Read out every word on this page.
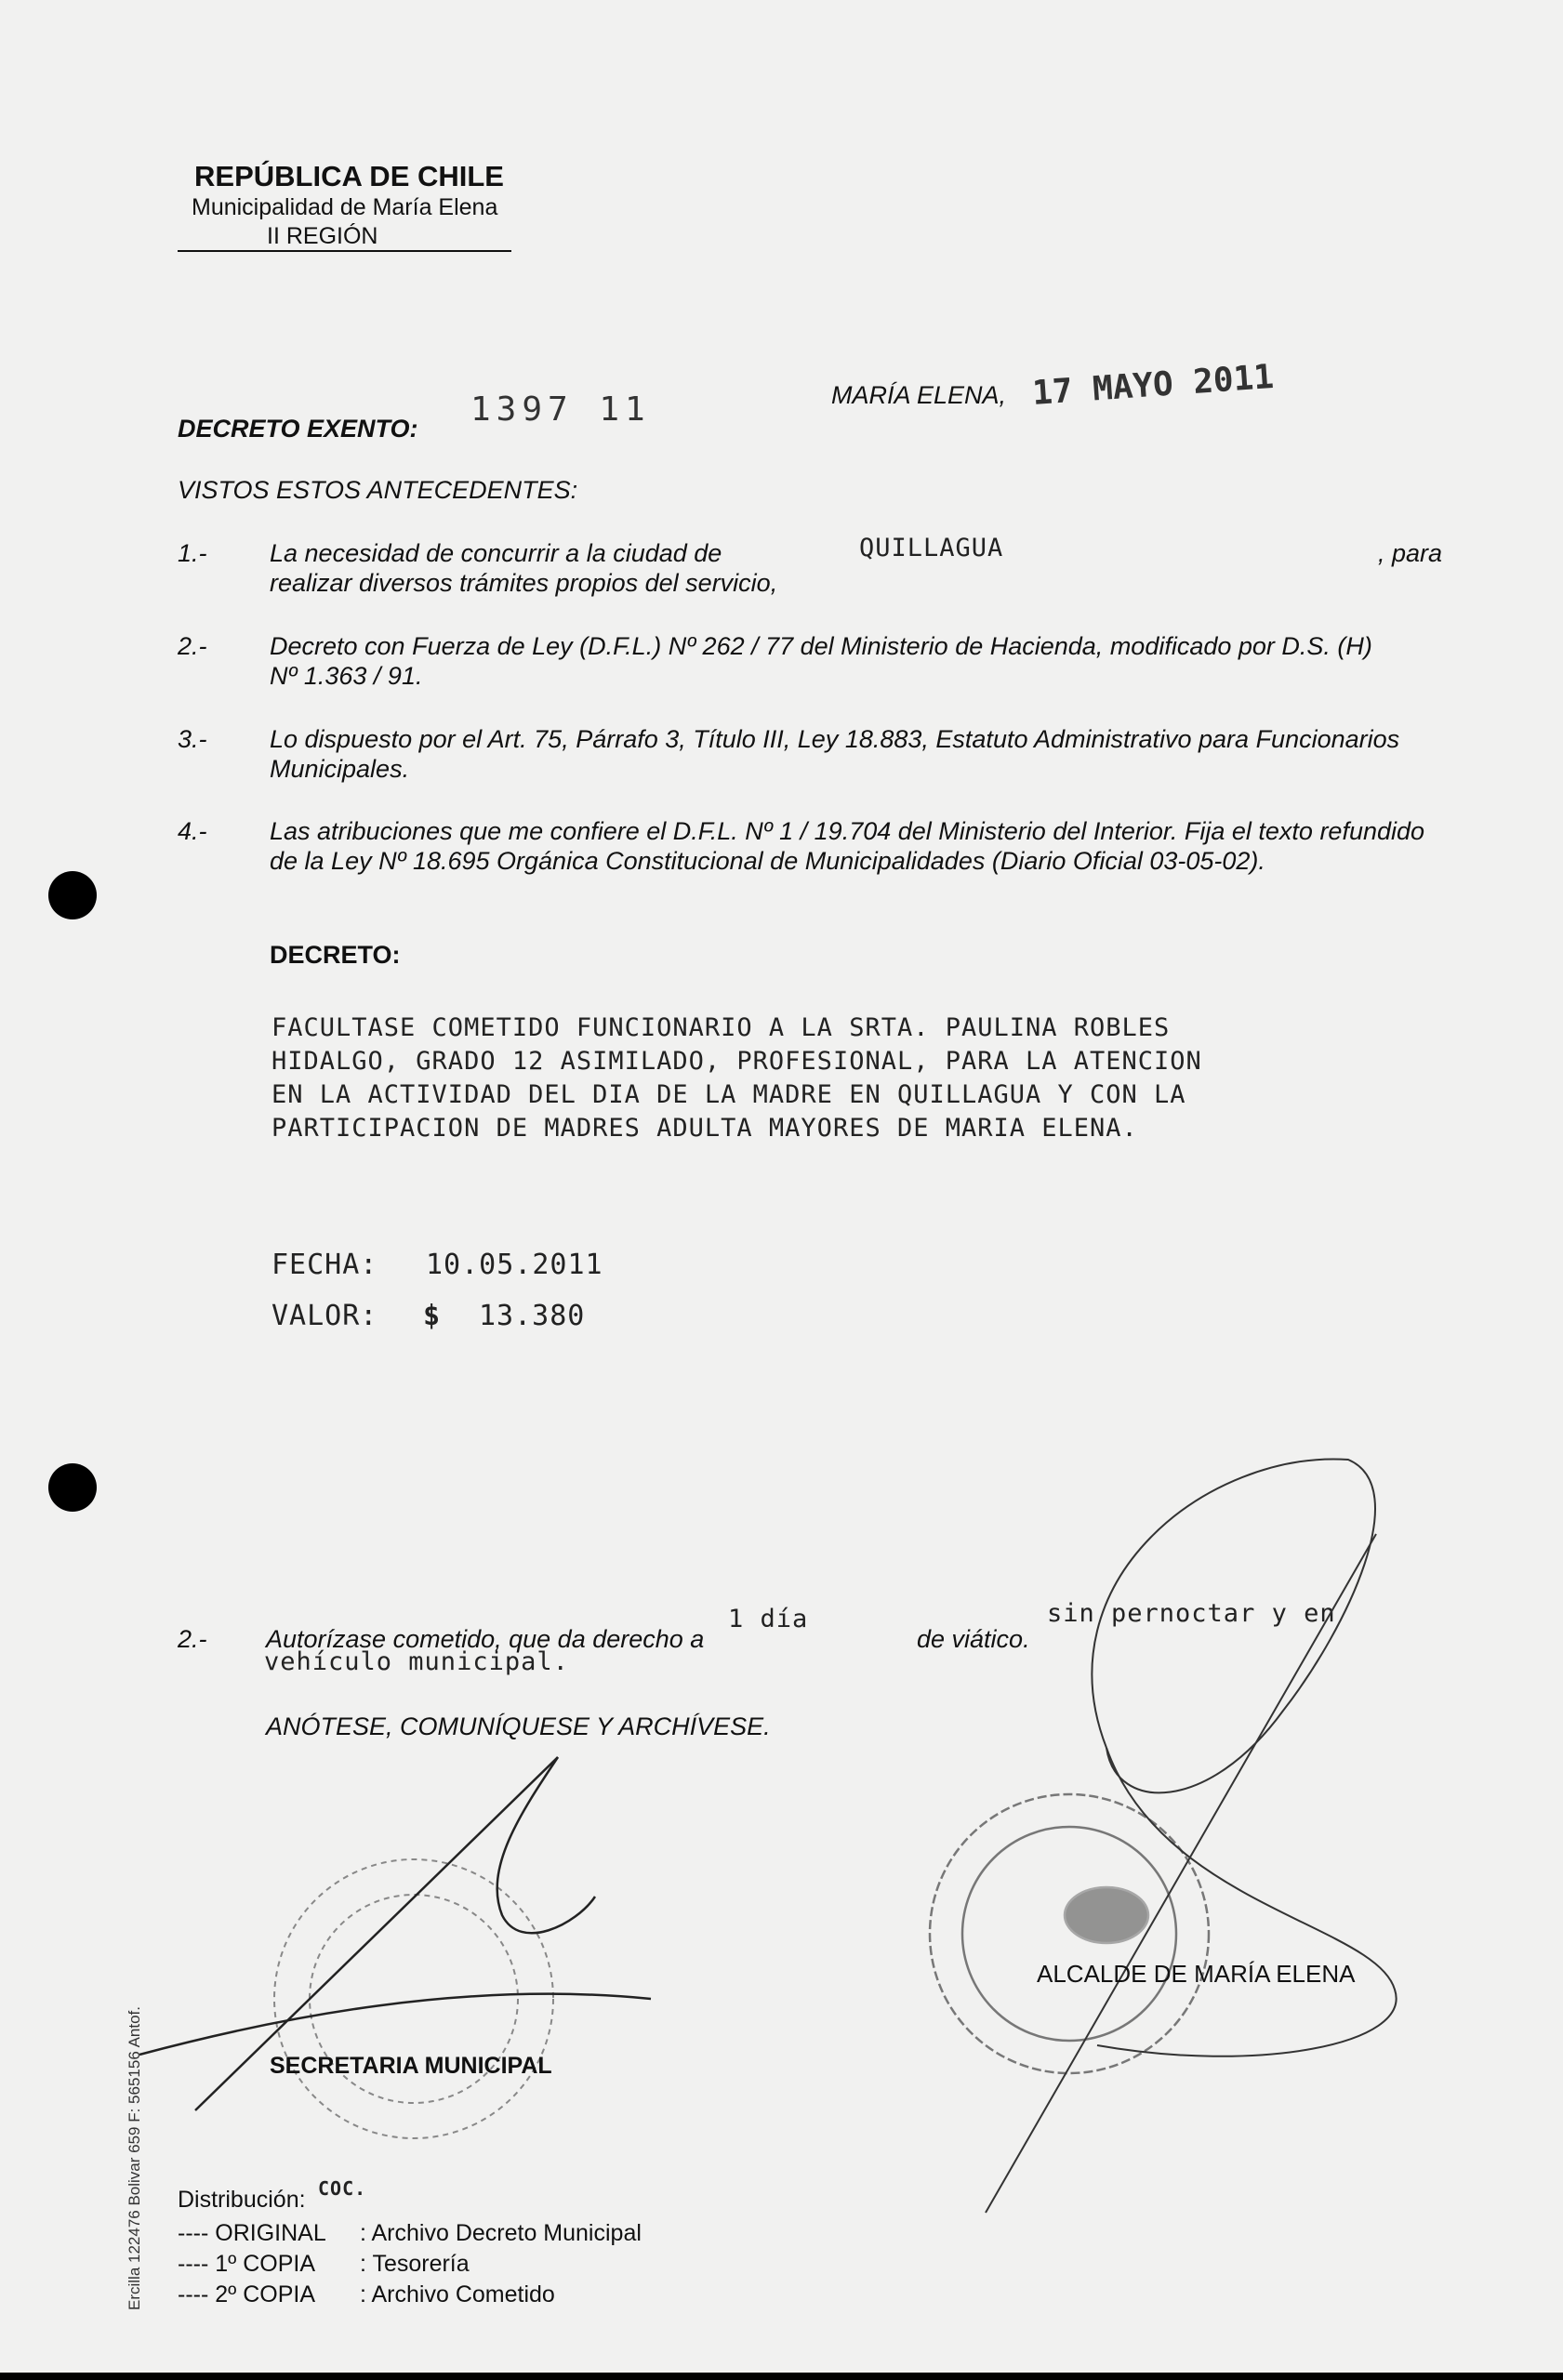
REPÚBLICA DE CHILE
Municipalidad de María Elena
II REGIÓN
DECRETO EXENTO: 1397 11	MARÍA ELENA, 17 MAYO 2011
VISTOS ESTOS ANTECEDENTES:
1.- La necesidad de concurrir a la ciudad de	QUILLAGUA	, para
realizar diversos trámites propios del servicio,
2.- Decreto con Fuerza de Ley (D.F.L.) Nº 262 / 77 del Ministerio de Hacienda, modificado por D.S. (H)
Nº 1.363 / 91.
3.- Lo dispuesto por el Art. 75, Párrafo 3, Título III, Ley 18.883, Estatuto Administrativo para Funcionarios
Municipales.
4.- Las atribuciones que me confiere el D.F.L. Nº 1 / 19.704 del Ministerio del Interior. Fija el texto refundido
de la Ley Nº 18.695 Orgánica Constitucional de Municipalidades (Diario Oficial 03-05-02).
DECRETO:
FACULTASE COMETIDO FUNCIONARIO A LA SRTA. PAULINA ROBLES
HIDALGO, GRADO 12 ASIMILADO, PROFESIONAL, PARA LA ATENCION
EN LA ACTIVIDAD DEL DIA DE LA MADRE EN QUILLAGUA Y CON LA
PARTICIPACION DE MADRES ADULTA MAYORES DE MARIA ELENA.
FECHA: 10.05.2011
VALOR: $ 13.380
2.- Autorízase cometido, que da derecho a
1 día
de viático.
sin pernoctar y en
vehículo municipal.
ANÓTESE, COMUNÍQUESE Y ARCHÍVESE.
SECRETARIA MUNICIPAL
ALCALDE DE MARÍA ELENA
Distribución: COC.
---- ORIGINAL : Archivo Decreto Municipal
---- 1º COPIA : Tesorería
---- 2º COPIA : Archivo Cometido
Ercilla 122476 Bolivar 659 F: 565156 Antof.
